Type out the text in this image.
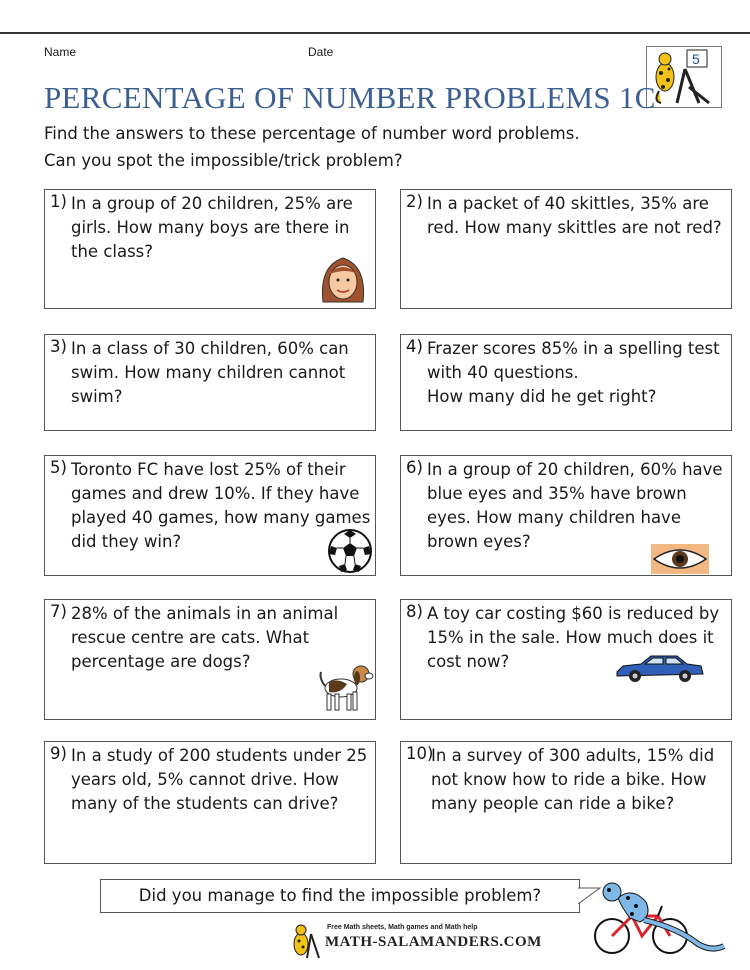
Name	Date	5
PERCENTAGE OF NUMBER PROBLEMS 1C
Find the answers to these percentage of number word problems.
Can you spot the impossible/trick problem?
1) In a group of 20 children, 25% are girls. How many boys are there in the class?
2) In a packet of 40 skittles, 35% are red. How many skittles are not red?
3) In a class of 30 children, 60% can swim. How many children cannot swim?
4) Frazer scores 85% in a spelling test with 40 questions.
How many did he get right?
5) Toronto FC have lost 25% of their games and drew 10%. If they have played 40 games, how many games did they win?
6) In a group of 20 children, 60% have blue eyes and 35% have brown eyes. How many children have brown eyes?
7) 28% of the animals in an animal rescue centre are cats. What percentage are dogs?
8) A toy car costing $60 is reduced by 15% in the sale. How much does it cost now?
9) In a study of 200 students under 25 years old, 5% cannot drive. How many of the students can drive?
10)
In a survey of 300 adults, 15% did not know how to ride a bike. How many people can ride a bike?
Did you manage to find the impossible problem?
Free Math sheets, Math games and Math help
MATH-SALAMANDERS.COM
